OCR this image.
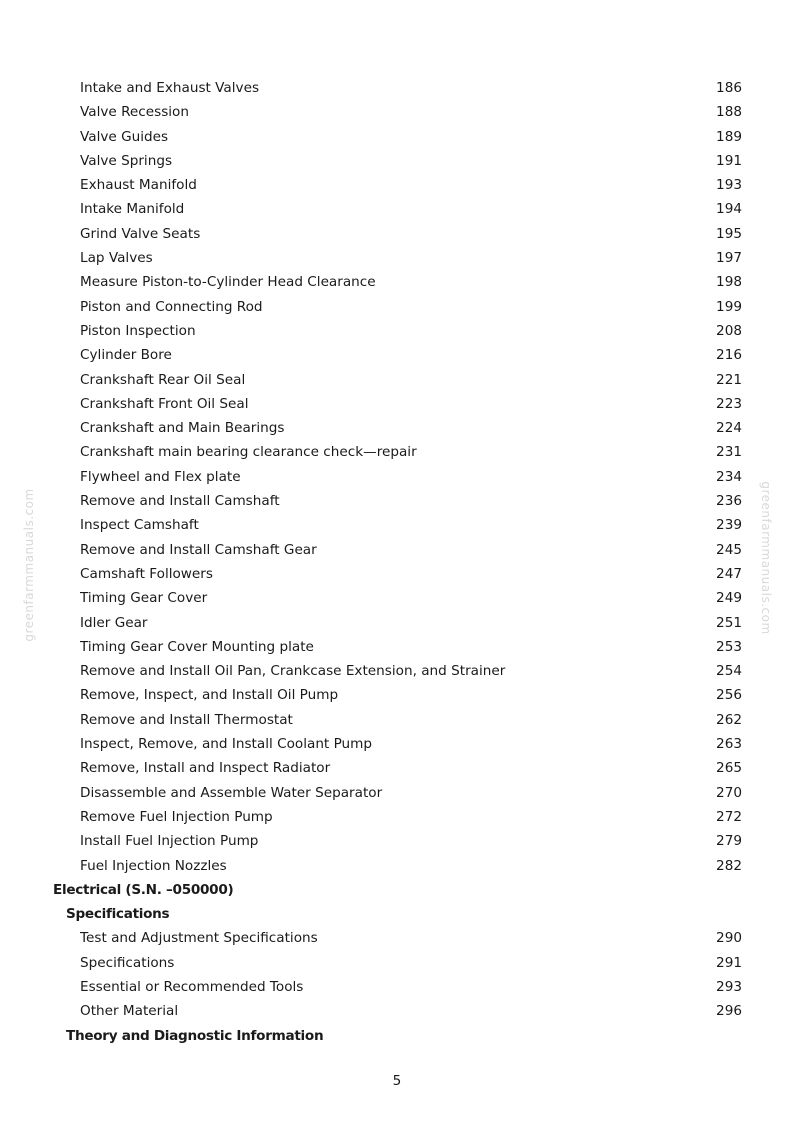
Intake and Exhaust Valves	186
Valve Recession	188
Valve Guides	189
Valve Springs	191
Exhaust Manifold	193
Intake Manifold	194
Grind Valve Seats	195
Lap Valves	197
Measure Piston-to-Cylinder Head Clearance	198
Piston and Connecting Rod	199
Piston Inspection	208
Cylinder Bore	216
Crankshaft Rear Oil Seal	221
Crankshaft Front Oil Seal	223
Crankshaft and Main Bearings	224
Crankshaft main bearing clearance check—repair	231
Flywheel and Flex plate	234
Remove and Install Camshaft	236
Inspect Camshaft	239
Remove and Install Camshaft Gear	245
Camshaft Followers	247
Timing Gear Cover	249
Idler Gear	251
Timing Gear Cover Mounting plate	253
Remove and Install Oil Pan, Crankcase Extension, and Strainer	254
Remove, Inspect, and Install Oil Pump	256
Remove and Install Thermostat	262
Inspect, Remove, and Install Coolant Pump	263
Remove, Install and Inspect Radiator	265
Disassemble and Assemble Water Separator	270
Remove Fuel Injection Pump	272
Install Fuel Injection Pump	279
Fuel Injection Nozzles	282
Electrical (S.N. –050000)
Specifications
Test and Adjustment Specifications	290
Specifications	291
Essential or Recommended Tools	293
Other Material	296
Theory and Diagnostic Information
5
greenfarmmanuals.com	greenfarmmanuals.com
